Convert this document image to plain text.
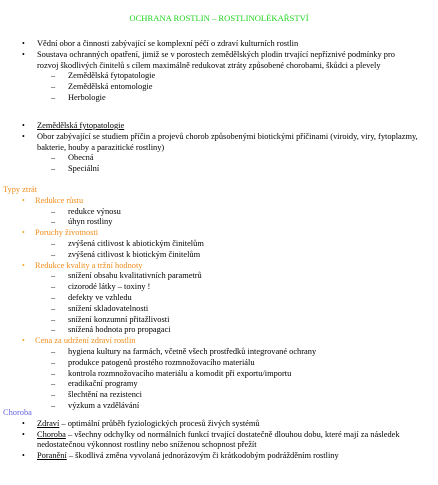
OCHRANA ROSTLIN – ROSTLINOLÉKAŘSTVÍ
• Vědní obor a činnosti zabývající se komplexní péčí o zdraví kulturních rostlin
• Soustava ochranných opatření, jimiž se v porostech zemědělských plodin trvající nepříznivé podmínky pro rozvoj škodlivých činitelů s cílem maximálně redukovat ztráty způsobené chorobami, škůdci a plevely
– Zemědělská fytopatologie
– Zemědělská entomologie
– Herbologie
• Zemědělská fytopatologie
• Obor zabývající se studiem příčin a projevů chorob způsobenými biotickými příčinami (viroidy, viry, fytoplazmy, bakterie, houby a parazitické rostliny)
– Obecná
– Speciální
Typy ztrát
• Redukce růstu
– redukce výnosu
– úhyn rostliny
• Poruchy životnosti
– zvýšená citlivost k abiotickým činitelům
– zvýšená citlivost k biotickým činitelům
• Redukce kvality a tržní hodnoty
– snížení obsahu kvalitativních parametrů
– cizorodé látky – toxiny !
– defekty ve vzhledu
– snížení skladovatelnosti
– snížení konzumní přitažlivosti
– snížená hodnota pro propagaci
• Cena za udržení zdraví rostlin
– hygiena kultury na farmách, včetně všech prostředků integrované ochrany
– produkce patogenů prostého rozmnožovacího materiálu
– kontrola rozmnožovacího materiálu a komodit při exportu/importu
– eradikační programy
– šlechtění na rezistenci
– výzkum a vzdělávání
Choroba
• Zdraví – optimální průběh fyziologických procesů živých systémů
• Choroba – všechny odchylky od normálních funkcí trvající dostatečně dlouhou dobu, které mají za následek nedostatečnou výkonnost rostliny nebo sníženou schopnost přežít
• Poranění – škodlivá změna vyvolaná jednorázovým či krátkodobým podrážděním rostliny
